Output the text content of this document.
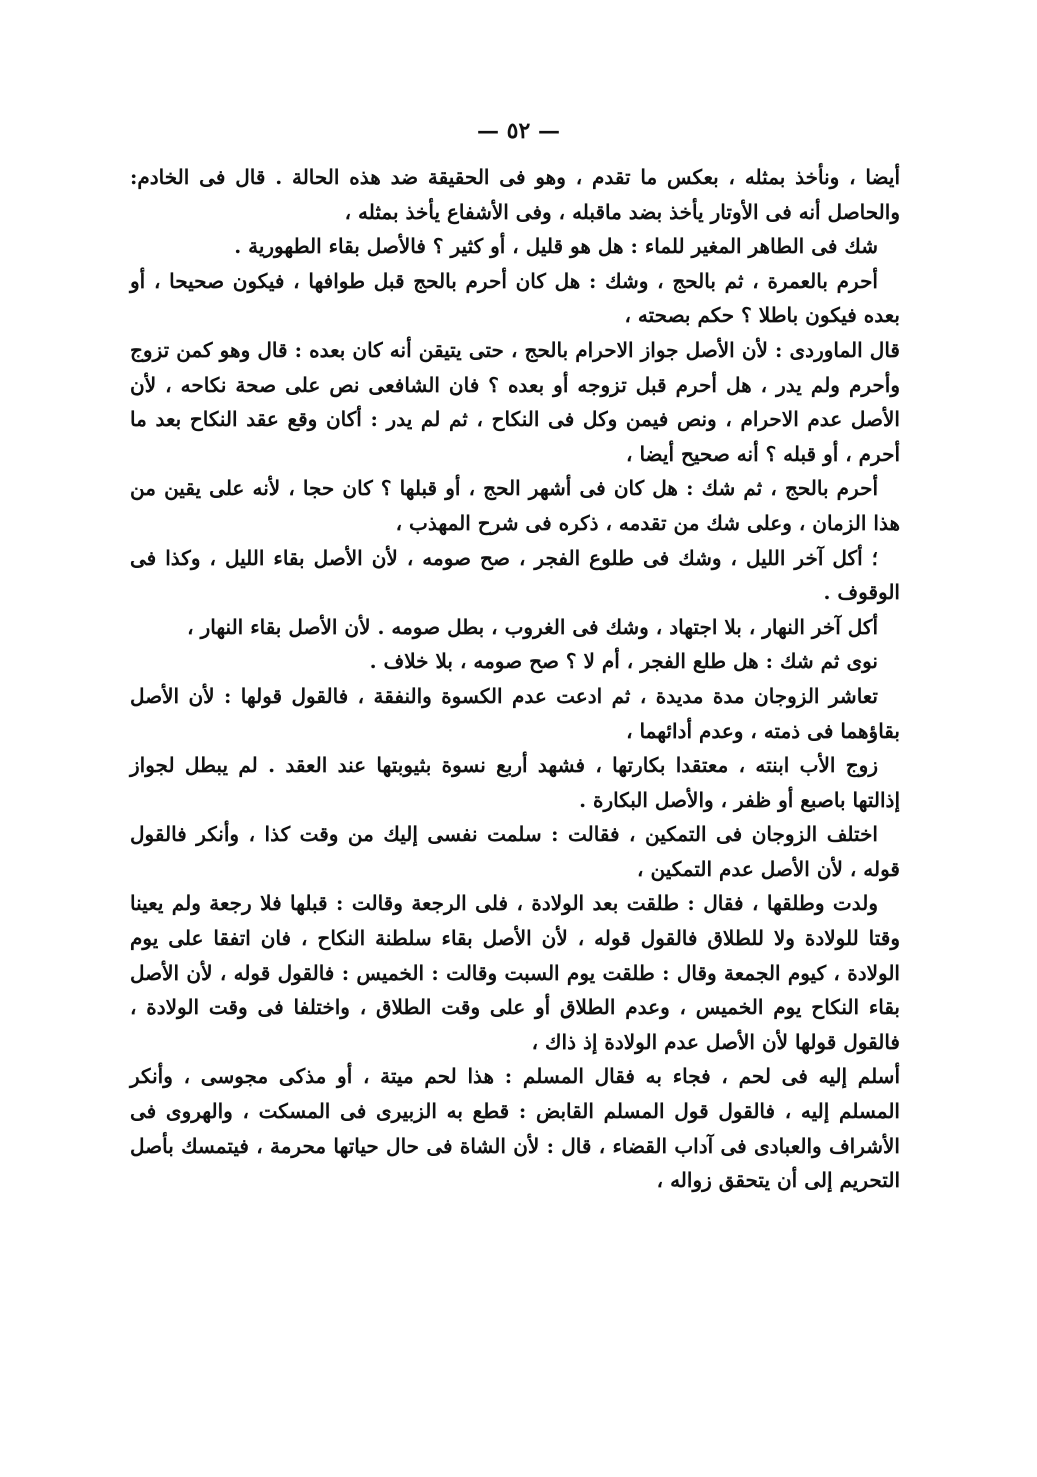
— ٥٢ —

أيضا ، ونأخذ بمثله ، بعكس ما تقدم ، وهو فى الحقيقة ضد هذه الحالة . قال فى الخادم: والحاصل أنه فى الأوتار يأخذ بضد ماقبله ، وفى الأشفاع يأخذ بمثله ،

شك فى الطاهر المغير للماء : هل هو قليل ، أو كثير ؟ فالأصل بقاء الطهورية .

أحرم بالعمرة ، ثم بالحج ، وشك : هل كان أحرم بالحج قبل طوافها ، فيكون صحيحا ، أو بعده فيكون باطلا ؟ حكم بصحته ،

قال الماوردى : لأن الأصل جواز الاحرام بالحج ، حتى يتيقن أنه كان بعده : قال وهو كمن تزوج وأحرم ولم يدر ، هل أحرم قبل تزوجه أو بعده ؟ فان الشافعى نص على صحة نكاحه ، لأن الأصل عدم الاحرام ، ونص فيمن وكل فى النكاح ، ثم لم يدر : أكان وقع عقد النكاح بعد ما أحرم ، أو قبله ؟ أنه صحيح أيضا ،

أحرم بالحج ، ثم شك : هل كان فى أشهر الحج ، أو قبلها ؟ كان حجا ، لأنه على يقين من هذا الزمان ، وعلى شك من تقدمه ، ذكره فى شرح المهذب ،

؛ أكل آخر الليل ، وشك فى طلوع الفجر ، صح صومه ، لأن الأصل بقاء الليل ، وكذا فى الوقوف .

أكل آخر النهار ، بلا اجتهاد ، وشك فى الغروب ، بطل صومه . لأن الأصل بقاء النهار ،

نوى ثم شك : هل طلع الفجر ، أم لا ؟ صح صومه ، بلا خلاف .

تعاشر الزوجان مدة مديدة ، ثم ادعت عدم الكسوة والنفقة ، فالقول قولها : لأن الأصل بقاؤهما فى ذمته ، وعدم أدائهما ،

زوج الأب ابنته ، معتقدا بكارتها ، فشهد أربع نسوة بثيوبتها عند العقد . لم يبطل لجواز إذالتها باصبع أو ظفر ، والأصل البكارة .

اختلف الزوجان فى التمكين ، فقالت : سلمت نفسى إليك من وقت كذا ، وأنكر فالقول قوله ، لأن الأصل عدم التمكين ،

ولدت وطلقها ، فقال : طلقت بعد الولادة ، فلى الرجعة وقالت : قبلها فلا رجعة ولم يعينا وقتا للولادة ولا للطلاق فالقول قوله ، لأن الأصل بقاء سلطنة النكاح ، فان اتفقا على يوم الولادة ، كيوم الجمعة وقال : طلقت يوم السبت وقالت : الخميس : فالقول قوله ، لأن الأصل بقاء النكاح يوم الخميس ، وعدم الطلاق أو على وقت الطلاق ، واختلفا فى وقت الولادة ، فالقول قولها لأن الأصل عدم الولادة إذ ذاك ،

أسلم إليه فى لحم ، فجاء به فقال المسلم : هذا لحم ميتة ، أو مذكى مجوسى ، وأنكر المسلم إليه ، فالقول قول المسلم القابض : قطع به الزبيرى فى المسكت ، والهروى فى الأشراف والعبادى فى آداب القضاء ، قال : لأن الشاة فى حال حياتها محرمة ، فيتمسك بأصل التحريم إلى أن يتحقق زواله ،
